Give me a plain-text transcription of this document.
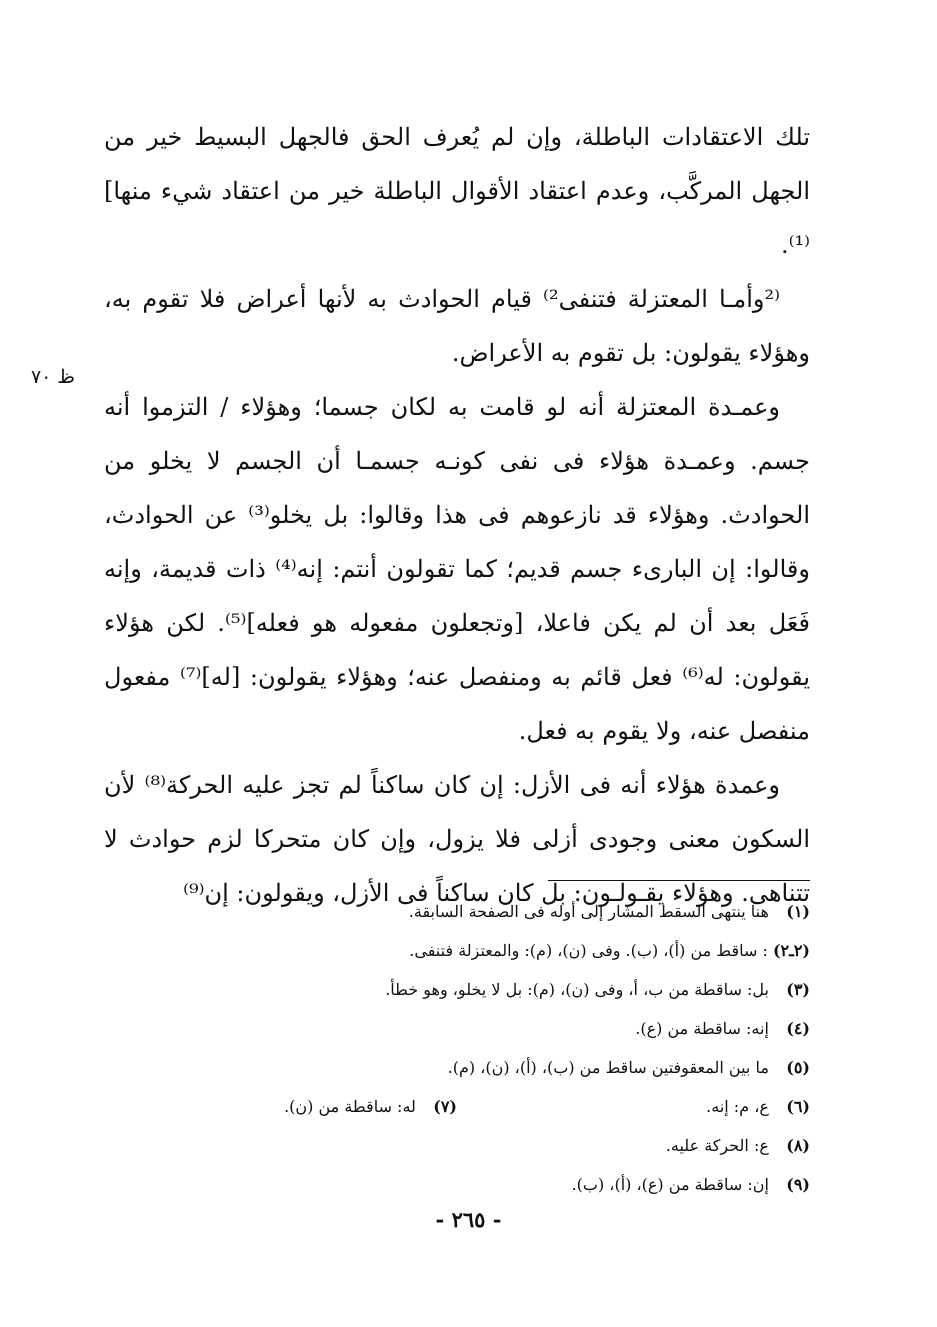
ظ ٧٠

تلك الاعتقادات الباطلة، وإن لم يُعرف الحق فالجهل البسيط خير من الجهل المركَّب، وعدم اعتقاد الأقوال الباطلة خير من اعتقاد شيء منها]⁽¹⁾.

⁽²وأمـا المعتزلة فتنفى²⁾ قيام الحوادث به لأنها أعراض فلا تقوم به، وهؤلاء يقولون: بل تقوم به الأعراض.

وعمـدة المعتزلة أنه لو قامت به لكان جسما؛ وهؤلاء / التزموا أنه جسم. وعمـدة هؤلاء فى نفى كونـه جسمـا أن الجسم لا يخلو من الحوادث. وهؤلاء قد نازعوهم فى هذا وقالوا: بل يخلو⁽³⁾ عن الحوادث، وقالوا: إن البارىء جسم قديم؛ كما تقولون أنتم: إنه⁽⁴⁾ ذات قديمة، وإنه فَعَل بعد أن لم يكن فاعلا، [وتجعلون مفعوله هو فعله]⁽⁵⁾. لكن هؤلاء يقولون: له⁽⁶⁾ فعل قائم به ومنفصل عنه؛ وهؤلاء يقولون: [له]⁽⁷⁾ مفعول منفصل عنه، ولا يقوم به فعل.

وعمدة هؤلاء أنه فى الأزل: إن كان ساكناً لم تجز عليه الحركة⁽⁸⁾ لأن السكون معنى وجودى أزلى فلا يزول، وإن كان متحركا لزم حوادث لا تتناهى. وهؤلاء يقـولـون: بل كان ساكناً فى الأزل، ويقولون: إن⁽⁹⁾

(١) هنا ينتهى السقط المشار إلى أوله فى الصفحة السابقة.
(٢ـ٢) : ساقط من (أ)، (ب). وفى (ن)، (م): والمعتزلة فتنفى.
(٣) بل: ساقطة من ب، أ، وفى (ن)، (م): بل لا يخلو، وهو خطأ.
(٤) إنه: ساقطة من (ع).
(٥) ما بين المعقوفتين ساقط من (ب)، (أ)، (ن)، (م).
(٦) ع، م: إنه.
(٧) له: ساقطة من (ن).
(٨) ع: الحركة عليه.
(٩) إن: ساقطة من (ع)، (أ)، (ب).
- ٢٦٥ -
